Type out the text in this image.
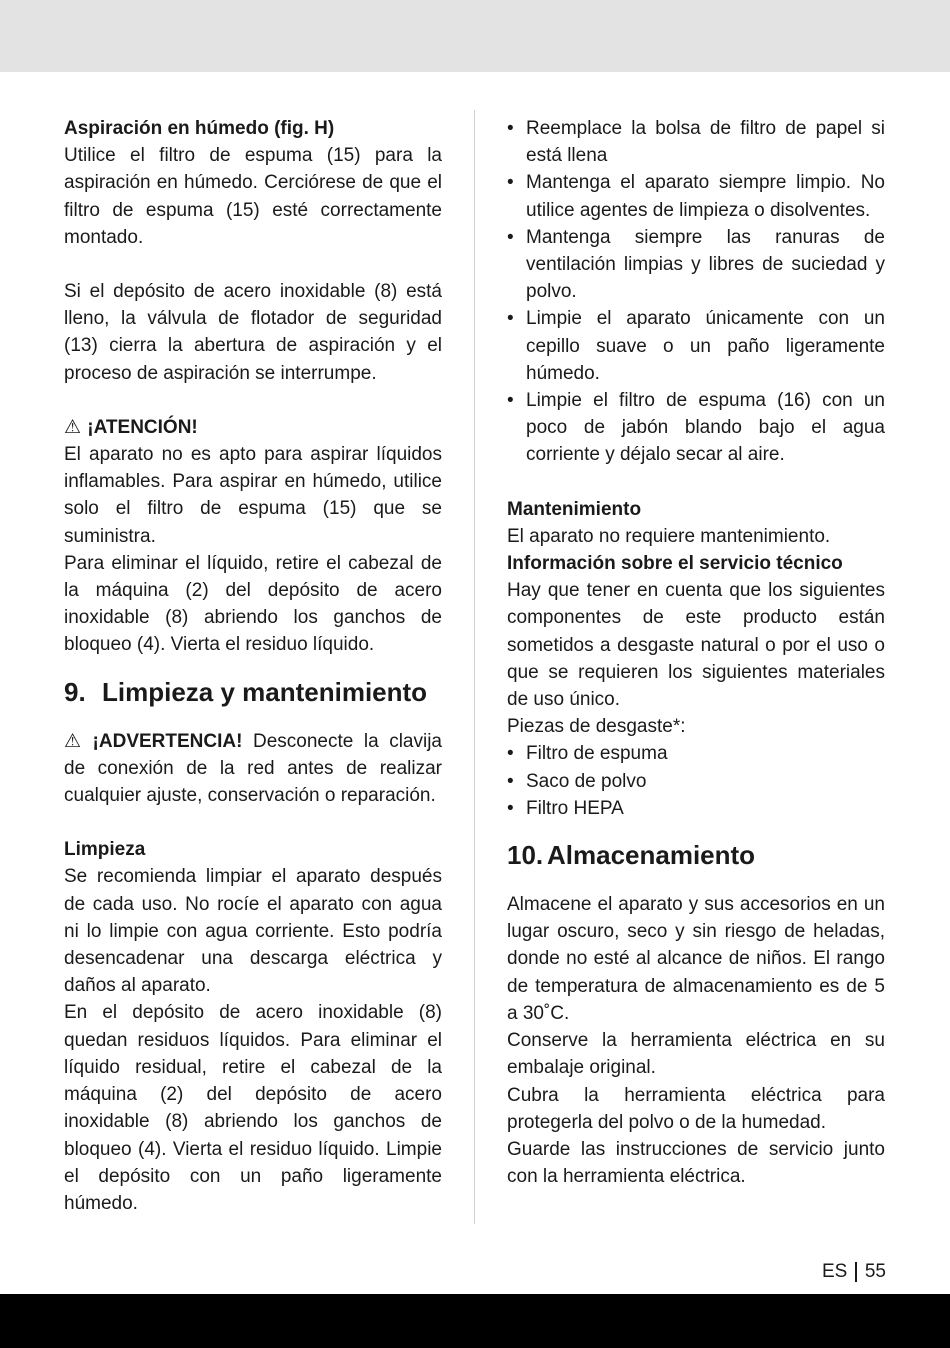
Aspiración en húmedo (fig. H)

Utilice el filtro de espuma (15) para la aspiración en húmedo. Cerciórese de que el filtro de espuma (15) esté correctamente montado.

Si el depósito de acero inoxidable (8) está lleno, la válvula de flotador de seguridad (13) cierra la abertura de aspiración y el proceso de aspiración se interrumpe.

⚠ ¡ATENCIÓN!

El aparato no es apto para aspirar líquidos inflamables. Para aspirar en húmedo, utilice solo el filtro de espuma (15) que se suministra.

Para eliminar el líquido, retire el cabezal de la máquina (2) del depósito de acero inoxidable (8) abriendo los ganchos de bloqueo (4). Vierta el residuo líquido.

9. Limpieza y mantenimiento

⚠ ¡ADVERTENCIA! Desconecte la clavija de conexión de la red antes de realizar cualquier ajuste, conservación o reparación.

Limpieza

Se recomienda limpiar el aparato después de cada uso. No rocíe el aparato con agua ni lo limpie con agua corriente. Esto podría desencadenar una descarga eléctrica y daños al aparato.

En el depósito de acero inoxidable (8) quedan residuos líquidos. Para eliminar el líquido residual, retire el cabezal de la máquina (2) del depósito de acero inoxidable (8) abriendo los ganchos de bloqueo (4). Vierta el residuo líquido. Limpie el depósito con un paño ligeramente húmedo.

• Reemplace la bolsa de filtro de papel si está llena
• Mantenga el aparato siempre limpio. No utilice agentes de limpieza o disolventes.
• Mantenga siempre las ranuras de ventilación limpias y libres de suciedad y polvo.
• Limpie el aparato únicamente con un cepillo suave o un paño ligeramente húmedo.
• Limpie el filtro de espuma (16) con un poco de jabón blando bajo el agua corriente y déjalo secar al aire.

Mantenimiento

El aparato no requiere mantenimiento.

Información sobre el servicio técnico

Hay que tener en cuenta que los siguientes componentes de este producto están sometidos a desgaste natural o por el uso o que se requieren los siguientes materiales de uso único.

Piezas de desgaste*:

• Filtro de espuma
• Saco de polvo
• Filtro HEPA
10. Almacenamiento

Almacene el aparato y sus accesorios en un lugar oscuro, seco y sin riesgo de heladas, donde no esté al alcance de niños. El rango de temperatura de almacenamiento es de 5 a 30˚C.

Conserve la herramienta eléctrica en su embalaje original.

Cubra la herramienta eléctrica para protegerla del polvo o de la humedad.

Guarde las instrucciones de servicio junto con la herramienta eléctrica.

ES 55
